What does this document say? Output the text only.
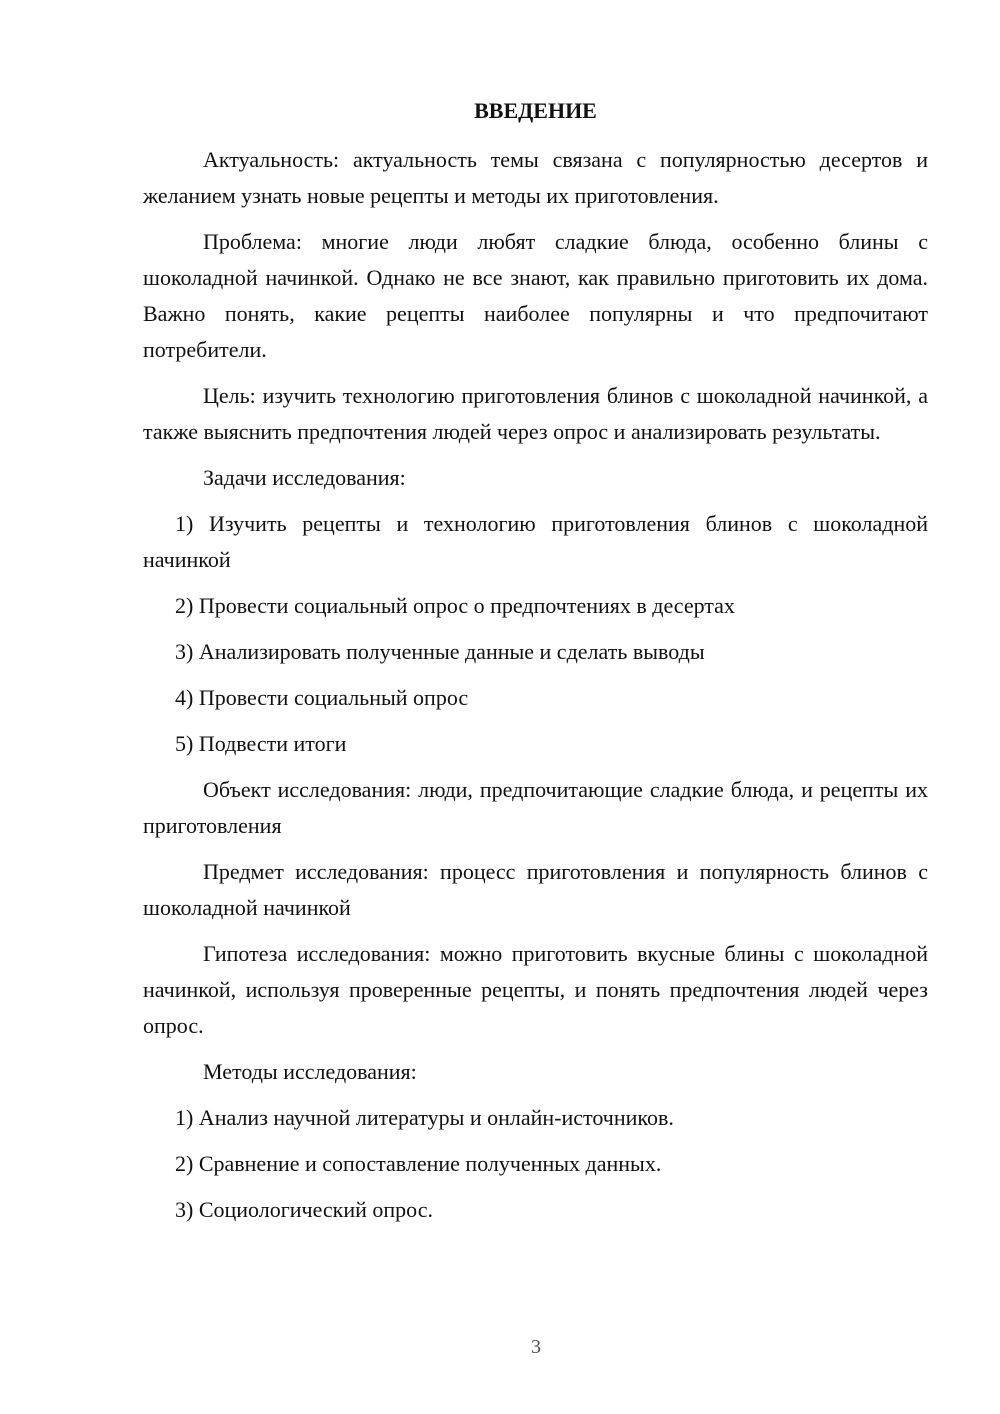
ВВЕДЕНИЕ

Актуальность: актуальность темы связана с популярностью десертов и желанием узнать новые рецепты и методы их приготовления.

Проблема: многие люди любят сладкие блюда, особенно блины с шоколадной начинкой. Однако не все знают, как правильно приготовить их дома. Важно понять, какие рецепты наиболее популярны и что предпочитают потребители.

Цель: изучить технологию приготовления блинов с шоколадной начинкой, а также выяснить предпочтения людей через опрос и анализировать результаты.

Задачи исследования:

1) Изучить рецепты и технологию приготовления блинов с шоколадной начинкой

2) Провести социальный опрос о предпочтениях в десертах

3) Анализировать полученные данные и сделать выводы

4) Провести социальный опрос

5) Подвести итоги

Объект исследования: люди, предпочитающие сладкие блюда, и рецепты их приготовления

Предмет исследования: процесс приготовления и популярность блинов с шоколадной начинкой

Гипотеза исследования: можно приготовить вкусные блины с шоколадной начинкой, используя проверенные рецепты, и понять предпочтения людей через опрос.

Методы исследования:

1) Анализ научной литературы и онлайн-источников.

2) Сравнение и сопоставление полученных данных.

3) Социологический опрос.

3
